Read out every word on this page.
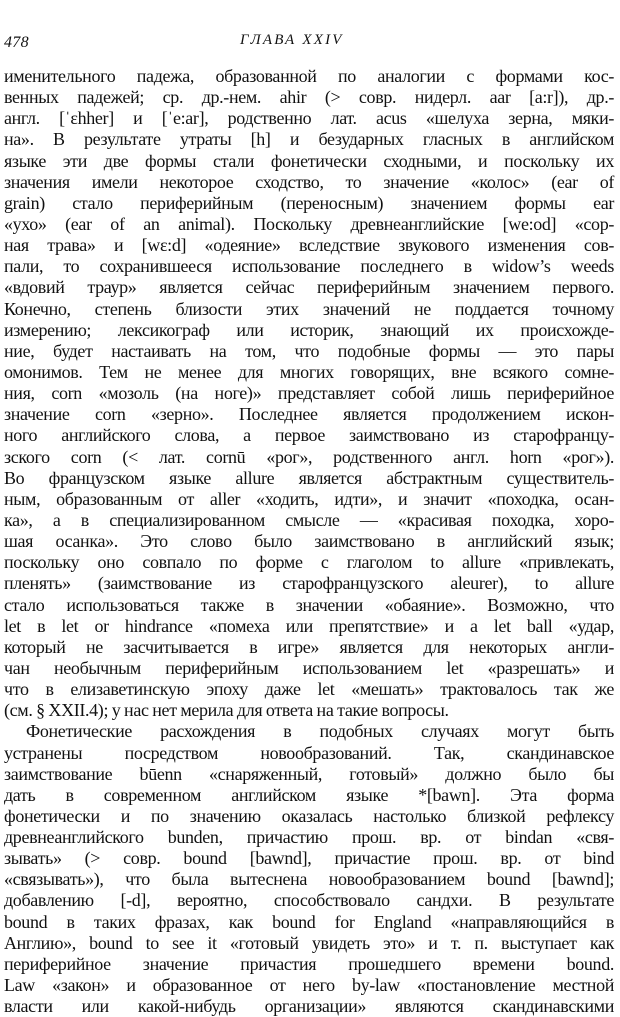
478	ГЛАВА XXIV
именительного падежа, образованной по аналогии с формами кос-
венных падежей; ср. др.-нем. ahir (> совр. нидерл. aar [a:r]), др.-
англ. [ˈɛhher] и [ˈe:ar], родственно лат. acus «шелуха зерна, мяки-
на». В результате утраты [h] и безударных гласных в английском
языке эти две формы стали фонетически сходными, и поскольку их
значения имели некоторое сходство, то значение «колос» (ear of
grain) стало периферийным (переносным) значением формы ear
«ухо» (ear of an animal). Поскольку древнеанглийские [we:od] «сор-
ная трава» и [wɛ:d] «одеяние» вследствие звукового изменения сов-
пали, то сохранившееся использование последнего в widow’s weeds
«вдовий траур» является сейчас периферийным значением первого.
Конечно, степень близости этих значений не поддается точному
измерению; лексикограф или историк, знающий их происхожде-
ние, будет настаивать на том, что подобные формы — это пары
омонимов. Тем не менее для многих говорящих, вне всякого сомне-
ния, corn «мозоль (на ноге)» представляет собой лишь периферийное
значение corn «зерно». Последнее является продолжением искон-
ного английского слова, а первое заимствовано из старофранцу-
зского corn (< лат. cornū «рог», родственного англ. horn «рог»).
Во французском языке allure является абстрактным существитель-
ным, образованным от aller «ходить, идти», и значит «походка, осан-
ка», а в специализированном смысле — «красивая походка, хоро-
шая осанка». Это слово было заимствовано в английский язык;
поскольку оно совпало по форме с глаголом to allure «привлекать,
пленять» (заимствование из старофранцузского aleurer), to allure
стало использоваться также в значении «обаяние». Возможно, что
let в let or hindrance «помеха или препятствие» и a let ball «удар,
который не засчитывается в игре» является для некоторых англи-
чан необычным периферийным использованием let «разрешать» и
что в елизаветинскую эпоху даже let «мешать» трактовалось так же
(см. § XXII.4); у нас нет мерила для ответа на такие вопросы.
Фонетические расхождения в подобных случаях могут быть
устранены посредством новообразований. Так, скандинавское
заимствование būenn «снаряженный, готовый» должно было бы
дать в современном английском языке *[bawn]. Эта форма
фонетически и по значению оказалась настолько близкой рефлексу
древнеанглийского bunden, причастию прош. вр. от bindan «свя-
зывать» (> совр. bound [bawnd], причастие прош. вр. от bind
«связывать»), что была вытеснена новообразованием bound [bawnd];
добавлению [-d], вероятно, способствовало сандхи. В результате
bound в таких фразах, как bound for England «направляющийся в
Англию», bound to see it «готовый увидеть это» и т. п. выступает как
периферийное значение причастия прошедшего времени bound.
Law «закон» и образованное от него by-law «постановление местной
власти или какой-нибудь организации» являются скандинавскими
